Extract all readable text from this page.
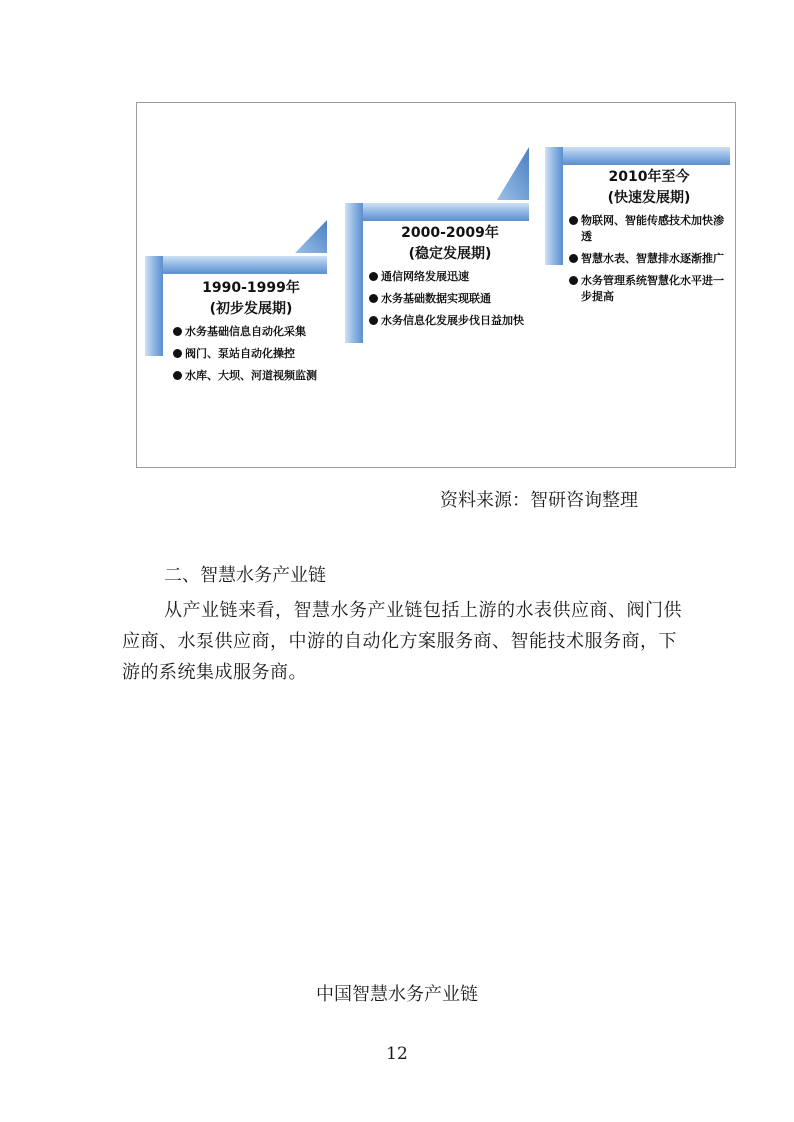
1990-1999年
(初步发展期)
水务基础信息自动化采集
阀门、泵站自动化操控
水库、大坝、河道视频监测
2000-2009年
(稳定发展期)
通信网络发展迅速
水务基础数据实现联通
水务信息化发展步伐日益加快
2010年至今
(快速发展期)
物联网、智能传感技术加快渗透
智慧水表、智慧排水逐渐推广
水务管理系统智慧化水平进一步提高
资料来源：智研咨询整理
二、智慧水务产业链
从产业链来看，智慧水务产业链包括上游的水表供应商、阀门供应商、水泵供应商，中游的自动化方案服务商、智能技术服务商，下游的系统集成服务商。
中国智慧水务产业链
12
